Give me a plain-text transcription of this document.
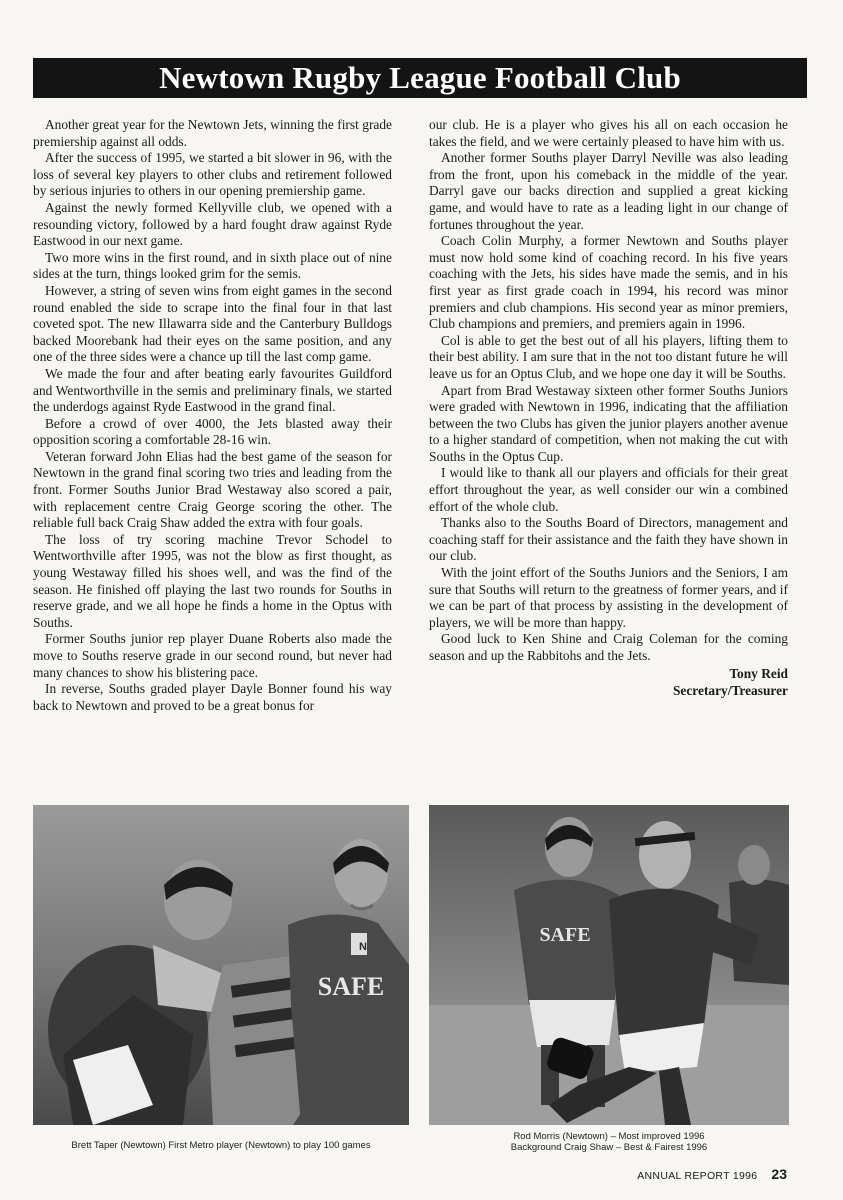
Newtown Rugby League Football Club

Another great year for the Newtown Jets, winning the first grade premiership against all odds.

After the success of 1995, we started a bit slower in 96, with the loss of several key players to other clubs and retirement followed by serious injuries to others in our opening premiership game.

Against the newly formed Kellyville club, we opened with a resounding victory, followed by a hard fought draw against Ryde Eastwood in our next game.

Two more wins in the first round, and in sixth place out of nine sides at the turn, things looked grim for the semis.

However, a string of seven wins from eight games in the second round enabled the side to scrape into the final four in that last coveted spot. The new Illawarra side and the Canterbury Bulldogs backed Moorebank had their eyes on the same position, and any one of the three sides were a chance up till the last comp game.

We made the four and after beating early favourites Guildford and Wentworthville in the semis and preliminary finals, we started the underdogs against Ryde Eastwood in the grand final.

Before a crowd of over 4000, the Jets blasted away their opposition scoring a comfortable 28-16 win.

Veteran forward John Elias had the best game of the season for Newtown in the grand final scoring two tries and leading from the front. Former Souths Junior Brad Westaway also scored a pair, with replacement centre Craig George scoring the other. The reliable full back Craig Shaw added the extra with four goals.

The loss of try scoring machine Trevor Schodel to Wentworthville after 1995, was not the blow as first thought, as young Westaway filled his shoes well, and was the find of the season. He finished off playing the last two rounds for Souths in reserve grade, and we all hope he finds a home in the Optus with Souths.

Former Souths junior rep player Duane Roberts also made the move to Souths reserve grade in our second round, but never had many chances to show his blistering pace.

In reverse, Souths graded player Dayle Bonner found his way back to Newtown and proved to be a great bonus for

our club. He is a player who gives his all on each occasion he takes the field, and we were certainly pleased to have him with us.

Another former Souths player Darryl Neville was also leading from the front, upon his comeback in the middle of the year. Darryl gave our backs direction and supplied a great kicking game, and would have to rate as a leading light in our change of fortunes throughout the year.

Coach Colin Murphy, a former Newtown and Souths player must now hold some kind of coaching record. In his five years coaching with the Jets, his sides have made the semis, and in his first year as first grade coach in 1994, his record was minor premiers and club champions. His second year as minor premiers, Club champions and premiers, and premiers again in 1996.

Col is able to get the best out of all his players, lifting them to their best ability. I am sure that in the not too distant future he will leave us for an Optus Club, and we hope one day it will be Souths.

Apart from Brad Westaway sixteen other former Souths Juniors were graded with Newtown in 1996, indicating that the affiliation between the two Clubs has given the junior players another avenue to a higher standard of competition, when not making the cut with Souths in the Optus Cup.

I would like to thank all our players and officials for their great effort throughout the year, as well consider our win a combined effort of the whole club.

Thanks also to the Souths Board of Directors, management and coaching staff for their assistance and the faith they have shown in our club.

With the joint effort of the Souths Juniors and the Seniors, I am sure that Souths will return to the greatness of former years, and if we can be part of that process by assisting in the development of players, we will be more than happy.

Good luck to Ken Shine and Craig Coleman for the coming season and up the Rabbitohs and the Jets.

Tony Reid
Secretary/Treasurer
N
SAFE
SAFE
Brett Taper (Newtown) First Metro player (Newtown) to play 100 games
Rod Morris (Newtown) – Most improved 1996
Background Craig Shaw – Best & Fairest 1996
ANNUAL REPORT 1996 23
